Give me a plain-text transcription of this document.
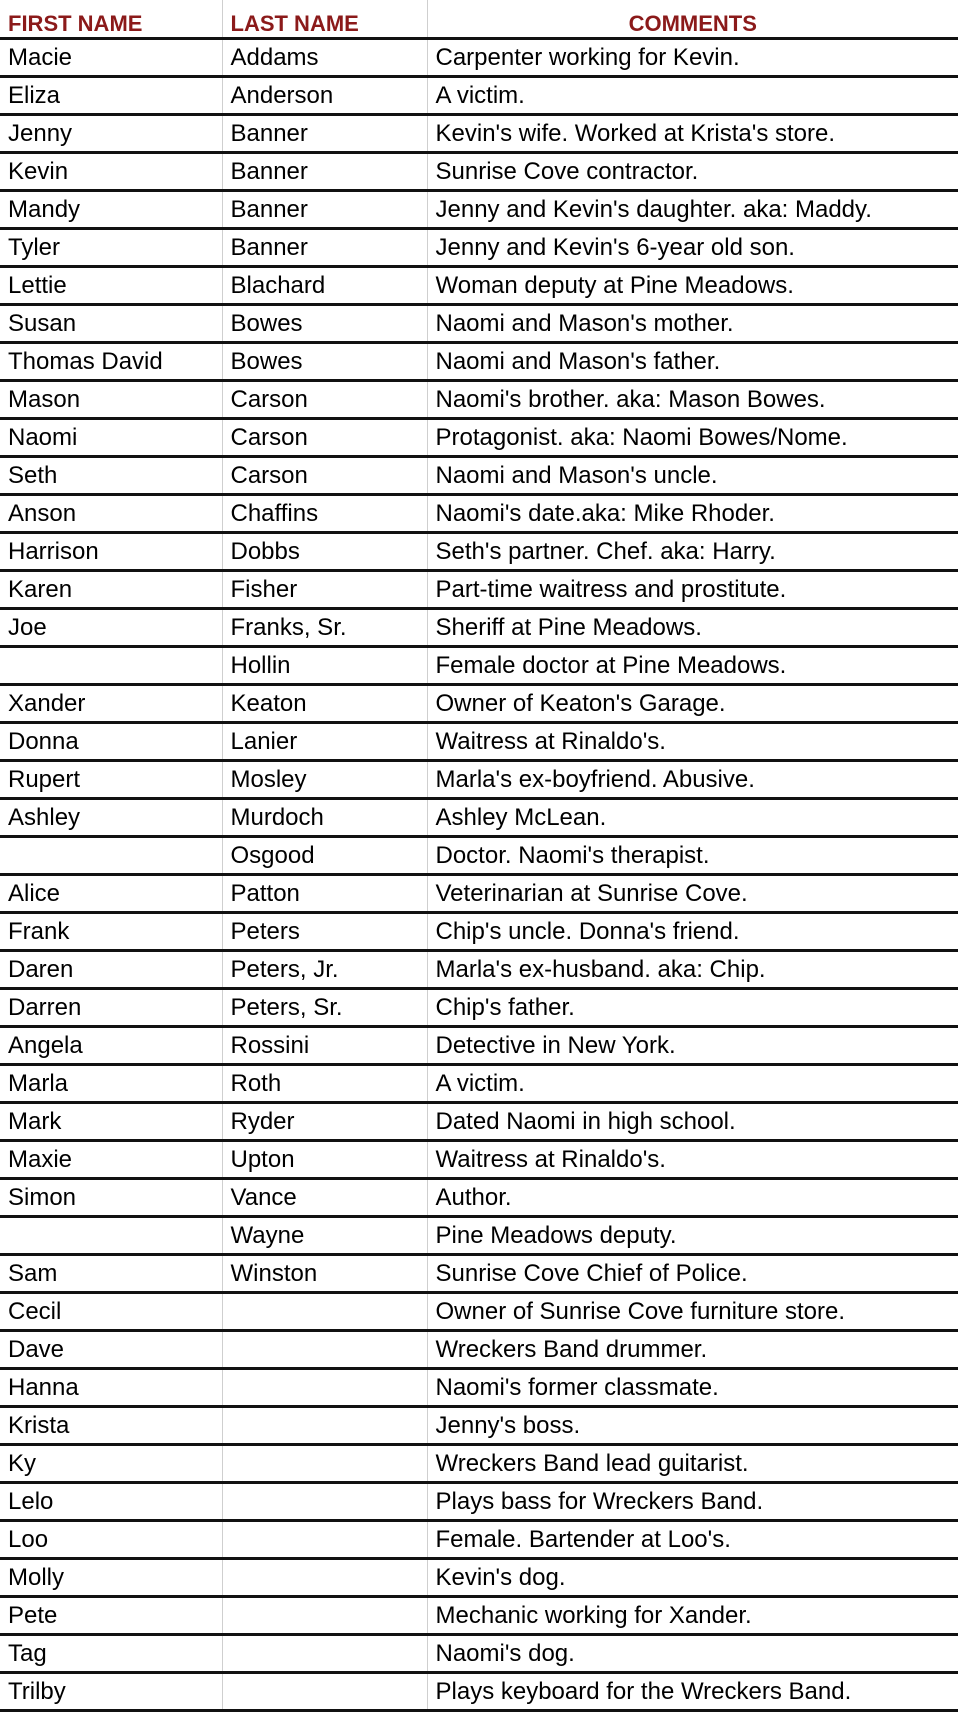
FIRST NAME	LAST NAME	COMMENTS
Macie	Addams	Carpenter working for Kevin.
Eliza	Anderson	A victim.
Jenny	Banner	Kevin's wife. Worked at Krista's store.
Kevin	Banner	Sunrise Cove contractor.
Mandy	Banner	Jenny and Kevin's daughter. aka: Maddy.
Tyler	Banner	Jenny and Kevin's 6-year old son.
Lettie	Blachard	Woman deputy at Pine Meadows.
Susan	Bowes	Naomi and Mason's mother.
Thomas David	Bowes	Naomi and Mason's father.
Mason	Carson	Naomi's brother. aka: Mason Bowes.
Naomi	Carson	Protagonist. aka: Naomi Bowes/Nome.
Seth	Carson	Naomi and Mason's uncle.
Anson	Chaffins	Naomi's date.aka: Mike Rhoder.
Harrison	Dobbs	Seth's partner. Chef. aka: Harry.
Karen	Fisher	Part-time waitress and prostitute.
Joe	Franks, Sr.	Sheriff at Pine Meadows.
	Hollin	Female doctor at Pine Meadows.
Xander	Keaton	Owner of Keaton's Garage.
Donna	Lanier	Waitress at Rinaldo's.
Rupert	Mosley	Marla's ex-boyfriend. Abusive.
Ashley	Murdoch	Ashley McLean.
	Osgood	Doctor. Naomi's therapist.
Alice	Patton	Veterinarian at Sunrise Cove.
Frank	Peters	Chip's uncle. Donna's friend.
Daren	Peters, Jr.	Marla's ex-husband. aka: Chip.
Darren	Peters, Sr.	Chip's father.
Angela	Rossini	Detective in New York.
Marla	Roth	A victim.
Mark	Ryder	Dated Naomi in high school.
Maxie	Upton	Waitress at Rinaldo's.
Simon	Vance	Author.
	Wayne	Pine Meadows deputy.
Sam	Winston	Sunrise Cove Chief of Police.
Cecil		Owner of Sunrise Cove furniture store.
Dave		Wreckers Band drummer.
Hanna		Naomi's former classmate.
Krista		Jenny's boss.
Ky		Wreckers Band lead guitarist.
Lelo		Plays bass for Wreckers Band.
Loo		Female. Bartender at Loo's.
Molly		Kevin's dog.
Pete		Mechanic working for Xander.
Tag		Naomi's dog.
Trilby		Plays keyboard for the Wreckers Band.
